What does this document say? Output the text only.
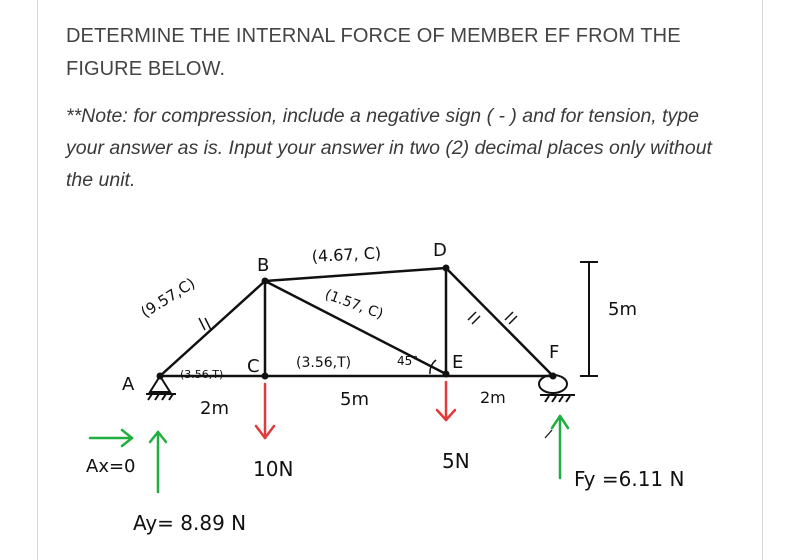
DETERMINE THE INTERNAL FORCE OF MEMBER EF FROM THE
FIGURE BELOW.

**Note: for compression, include a negative sign ( - ) and for tension, type
your answer as is. Input your answer in two (2) decimal places only without
the unit.

A
B
C
D
E	F
(9.57,C)
(4.67, C)
(1.57, C)
(3.56,T)
(3.56,T)	45°
2m	5m	2m
5m
10N	5N
Ax=0
Ay= 8.89 N
Fy =6.11 N
